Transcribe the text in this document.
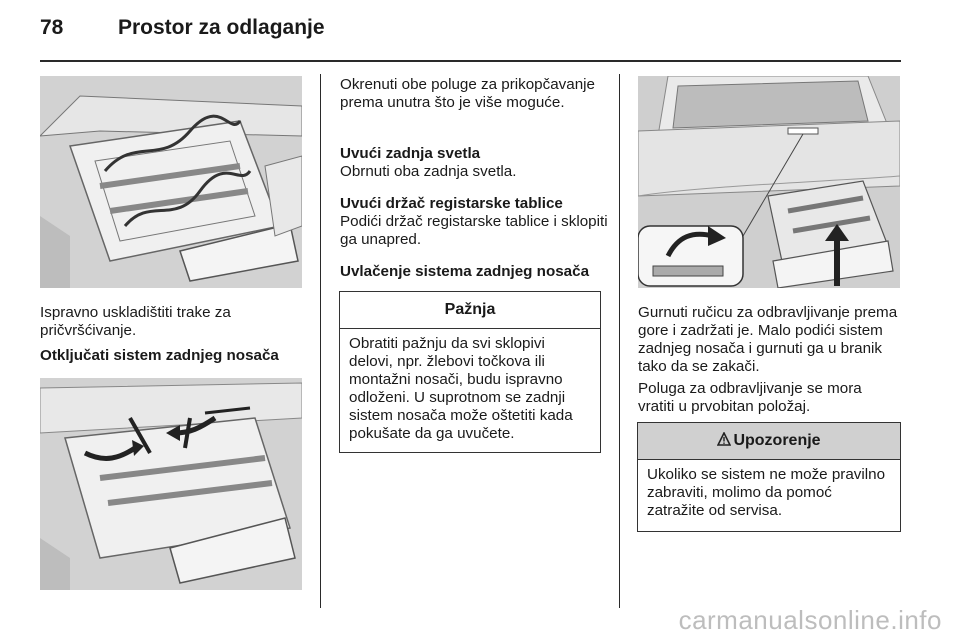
78	Prostor za odlaganje

Ispravno uskladištiti trake za pričvršćivanje.

Otključati sistem zadnjeg nosača

Okrenuti obe poluge za prikopčavanje prema unutra što je više moguće.

Uvući zadnja svetla

Obrnuti oba zadnja svetla.

Uvući držač registarske tablice

Podići držač registarske tablice i sklopiti ga unapred.

Uvlačenje sistema zadnjeg nosača
Pažnja
Obratiti pažnju da svi sklopivi delovi, npr. žlebovi točkova ili montažni nosači, budu ispravno odloženi. U suprotnom se zadnji sistem nosača može oštetiti kada pokušate da ga uvučete.

Gurnuti ručicu za odbravljivanje prema gore i zadržati je. Malo podići sistem zadnjeg nosača i gurnuti ga u branik tako da se zakači.

Poluga za odbravljivanje se mora vratiti u prvobitan položaj.

Upozorenje
Ukoliko se sistem ne može pravilno zabraviti, molimo da pomoć zatražite od servisa.
carmanualsonline.info
